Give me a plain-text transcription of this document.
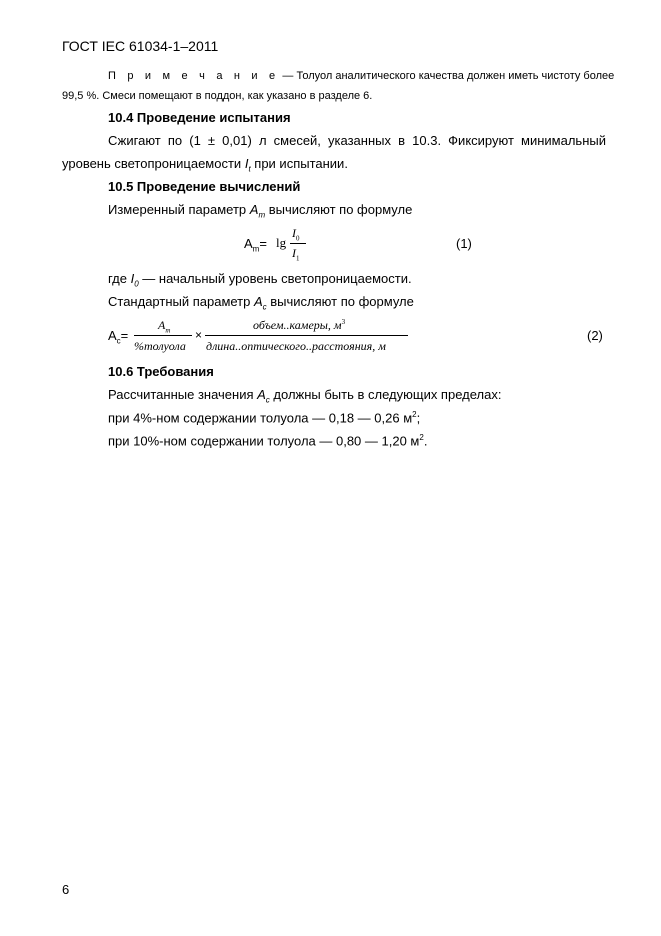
ГОСТ IEC 61034-1–2011
П р и м е ч а н и е — Толуол аналитического качества должен иметь чистоту более
99,5 %. Смеси помещают в поддон, как указано в разделе 6.
10.4 Проведение испытания
Сжигают по (1 ± 0,01) л смесей, указанных в 10.3. Фиксируют минимальный
уровень светопроницаемости $I_t$ при испытании.
10.5 Проведение вычислений
Измеренный параметр $A_m$ вычисляют по формуле
$A_m= \lg$
$I_0$
$I_1$
(1)
где $I_0$ — начальный уровень светопроницаемости.
Стандартный параметр $A_c$ вычисляют по формуле
$A_c=$
$A_m$
%толуола
×
объем..камеры, $м^3$
длина..оптического..расстояния, м
(2)
10.6 Требования
Рассчитанные значения $A_c$ должны быть в следующих пределах:
при 4%-ном содержании толуола — 0,18 — 0,26 $м^2$;
при 10%-ном содержании толуола — 0,80 — 1,20 $м^2$.
6
